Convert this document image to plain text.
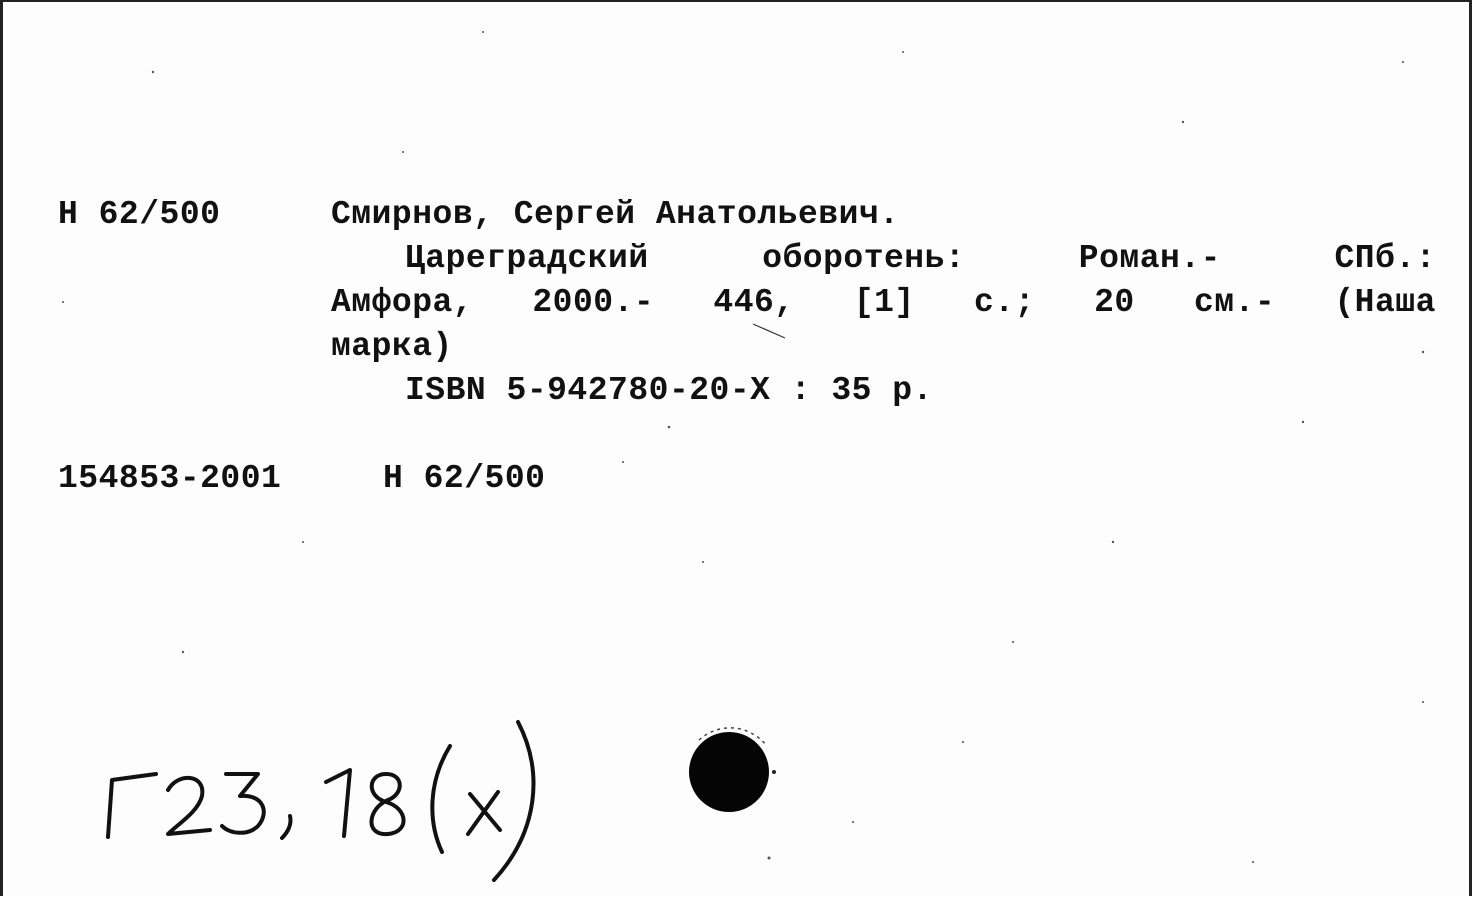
Н 62/500	Смирнов, Сергей Анатольевич.
Цареградский	оборотень:	Роман.-	СПб.:
Амфора, 2000.- 446, [1] с.; 20 см.- (Наша
марка)
ISBN 5-942780-20-X : 35 р.
154853-2001	Н 62/500
